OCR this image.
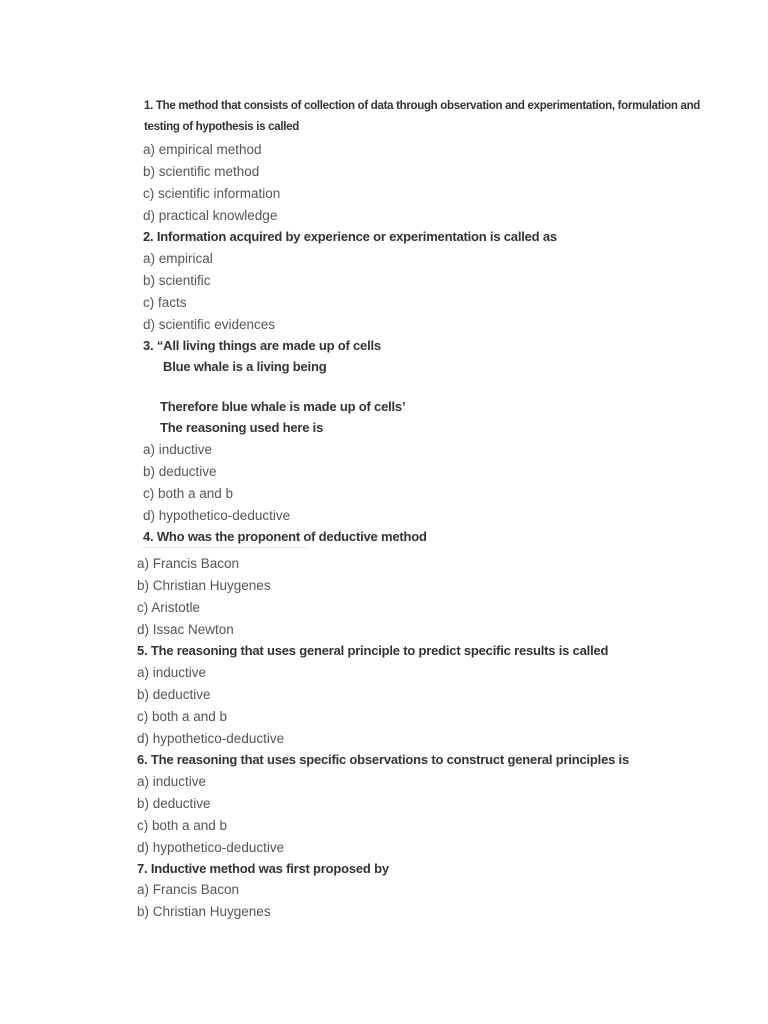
1. The method that consists of collection of data through observation and experimentation, formulation and
testing of hypothesis is called
a) empirical method
b) scientific method
c) scientific information
d) practical knowledge
2. Information acquired by experience or experimentation is called as
a) empirical
b) scientific
c) facts
d) scientific evidences
3. “All living things are made up of cells
Blue whale is a living being
Therefore blue whale is made up of cells’
The reasoning used here is
a) inductive
b) deductive
c) both a and b
d) hypothetico-deductive
4. Who was the proponent of deductive method
a) Francis Bacon
b) Christian Huygenes
c) Aristotle
d) Issac Newton
5. The reasoning that uses general principle to predict specific results is called
a) inductive
b) deductive
c) both a and b
d) hypothetico-deductive
6. The reasoning that uses specific observations to construct general principles is
a) inductive
b) deductive
c) both a and b
d) hypothetico-deductive
7. Inductive method was first proposed by
a) Francis Bacon
b) Christian Huygenes
